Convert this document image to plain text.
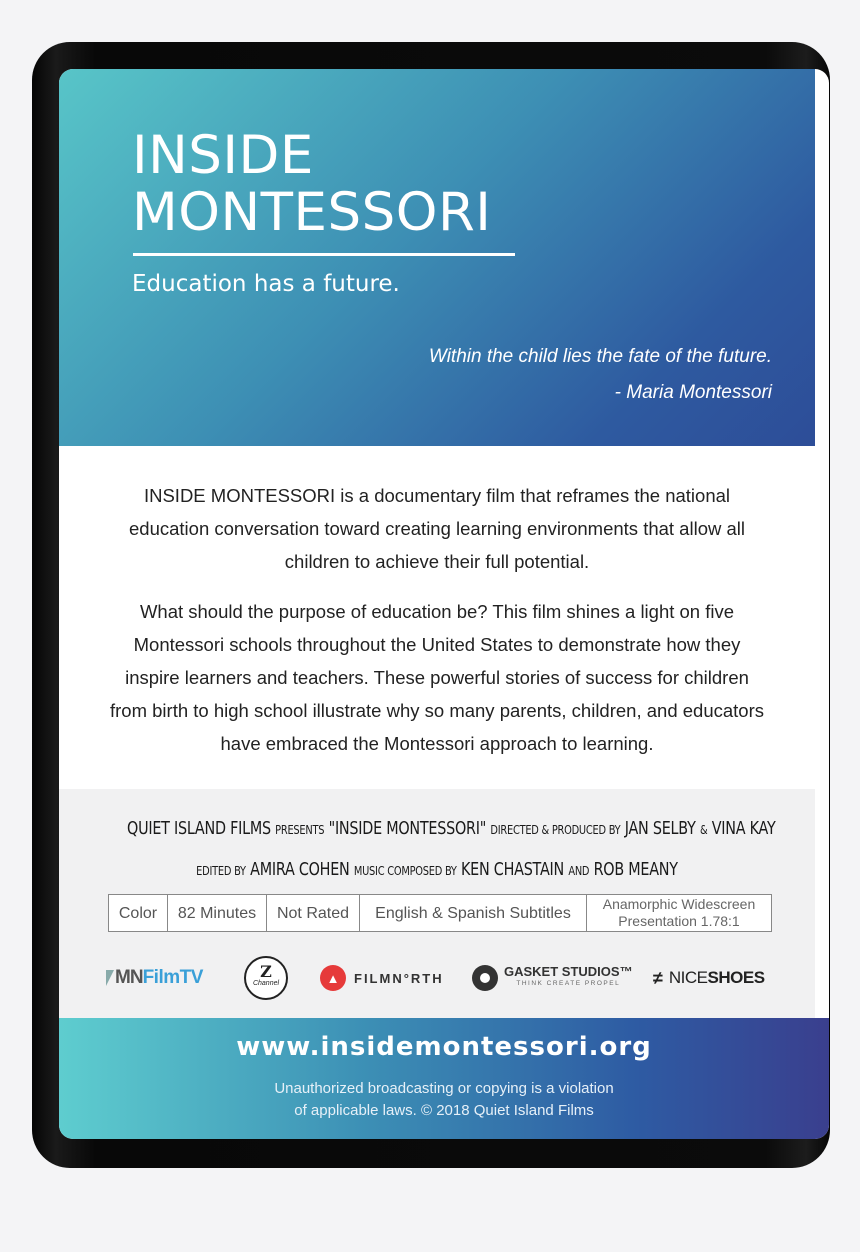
INSIDE
MONTESSORI
Education has a future.
Within the child lies the fate of the future.
- Maria Montessori

INSIDE MONTESSORI is a documentary film that reframes the national education conversation toward creating learning environments that allow all children to achieve their full potential.

What should the purpose of education be? This film shines a light on five Montessori schools throughout the United States to demonstrate how they inspire learners and teachers. These powerful stories of success for children from birth to high school illustrate why so many parents, children, and educators have embraced the Montessori approach to learning.

QUIET ISLAND FILMS PRESENTS "INSIDE MONTESSORI" DIRECTED & PRODUCED BY JAN SELBY & VINA KAY
EDITED BY AMIRA COHEN MUSIC COMPOSED BY KEN CHASTAIN AND ROB MEANY
Color	82 Minutes	Not Rated	English & Spanish Subtitles
Anamorphic Widescreen
Presentation 1.78:1
MN FilmTV	Z
Channel	▲ FILMN°RTH	GASKET STUDIOS™
THINK CREATE PROPEL	≠ NICE SHOES
www.insidemontessori.org
Unauthorized broadcasting or copying is a violation
of applicable laws. © 2018 Quiet Island Films
